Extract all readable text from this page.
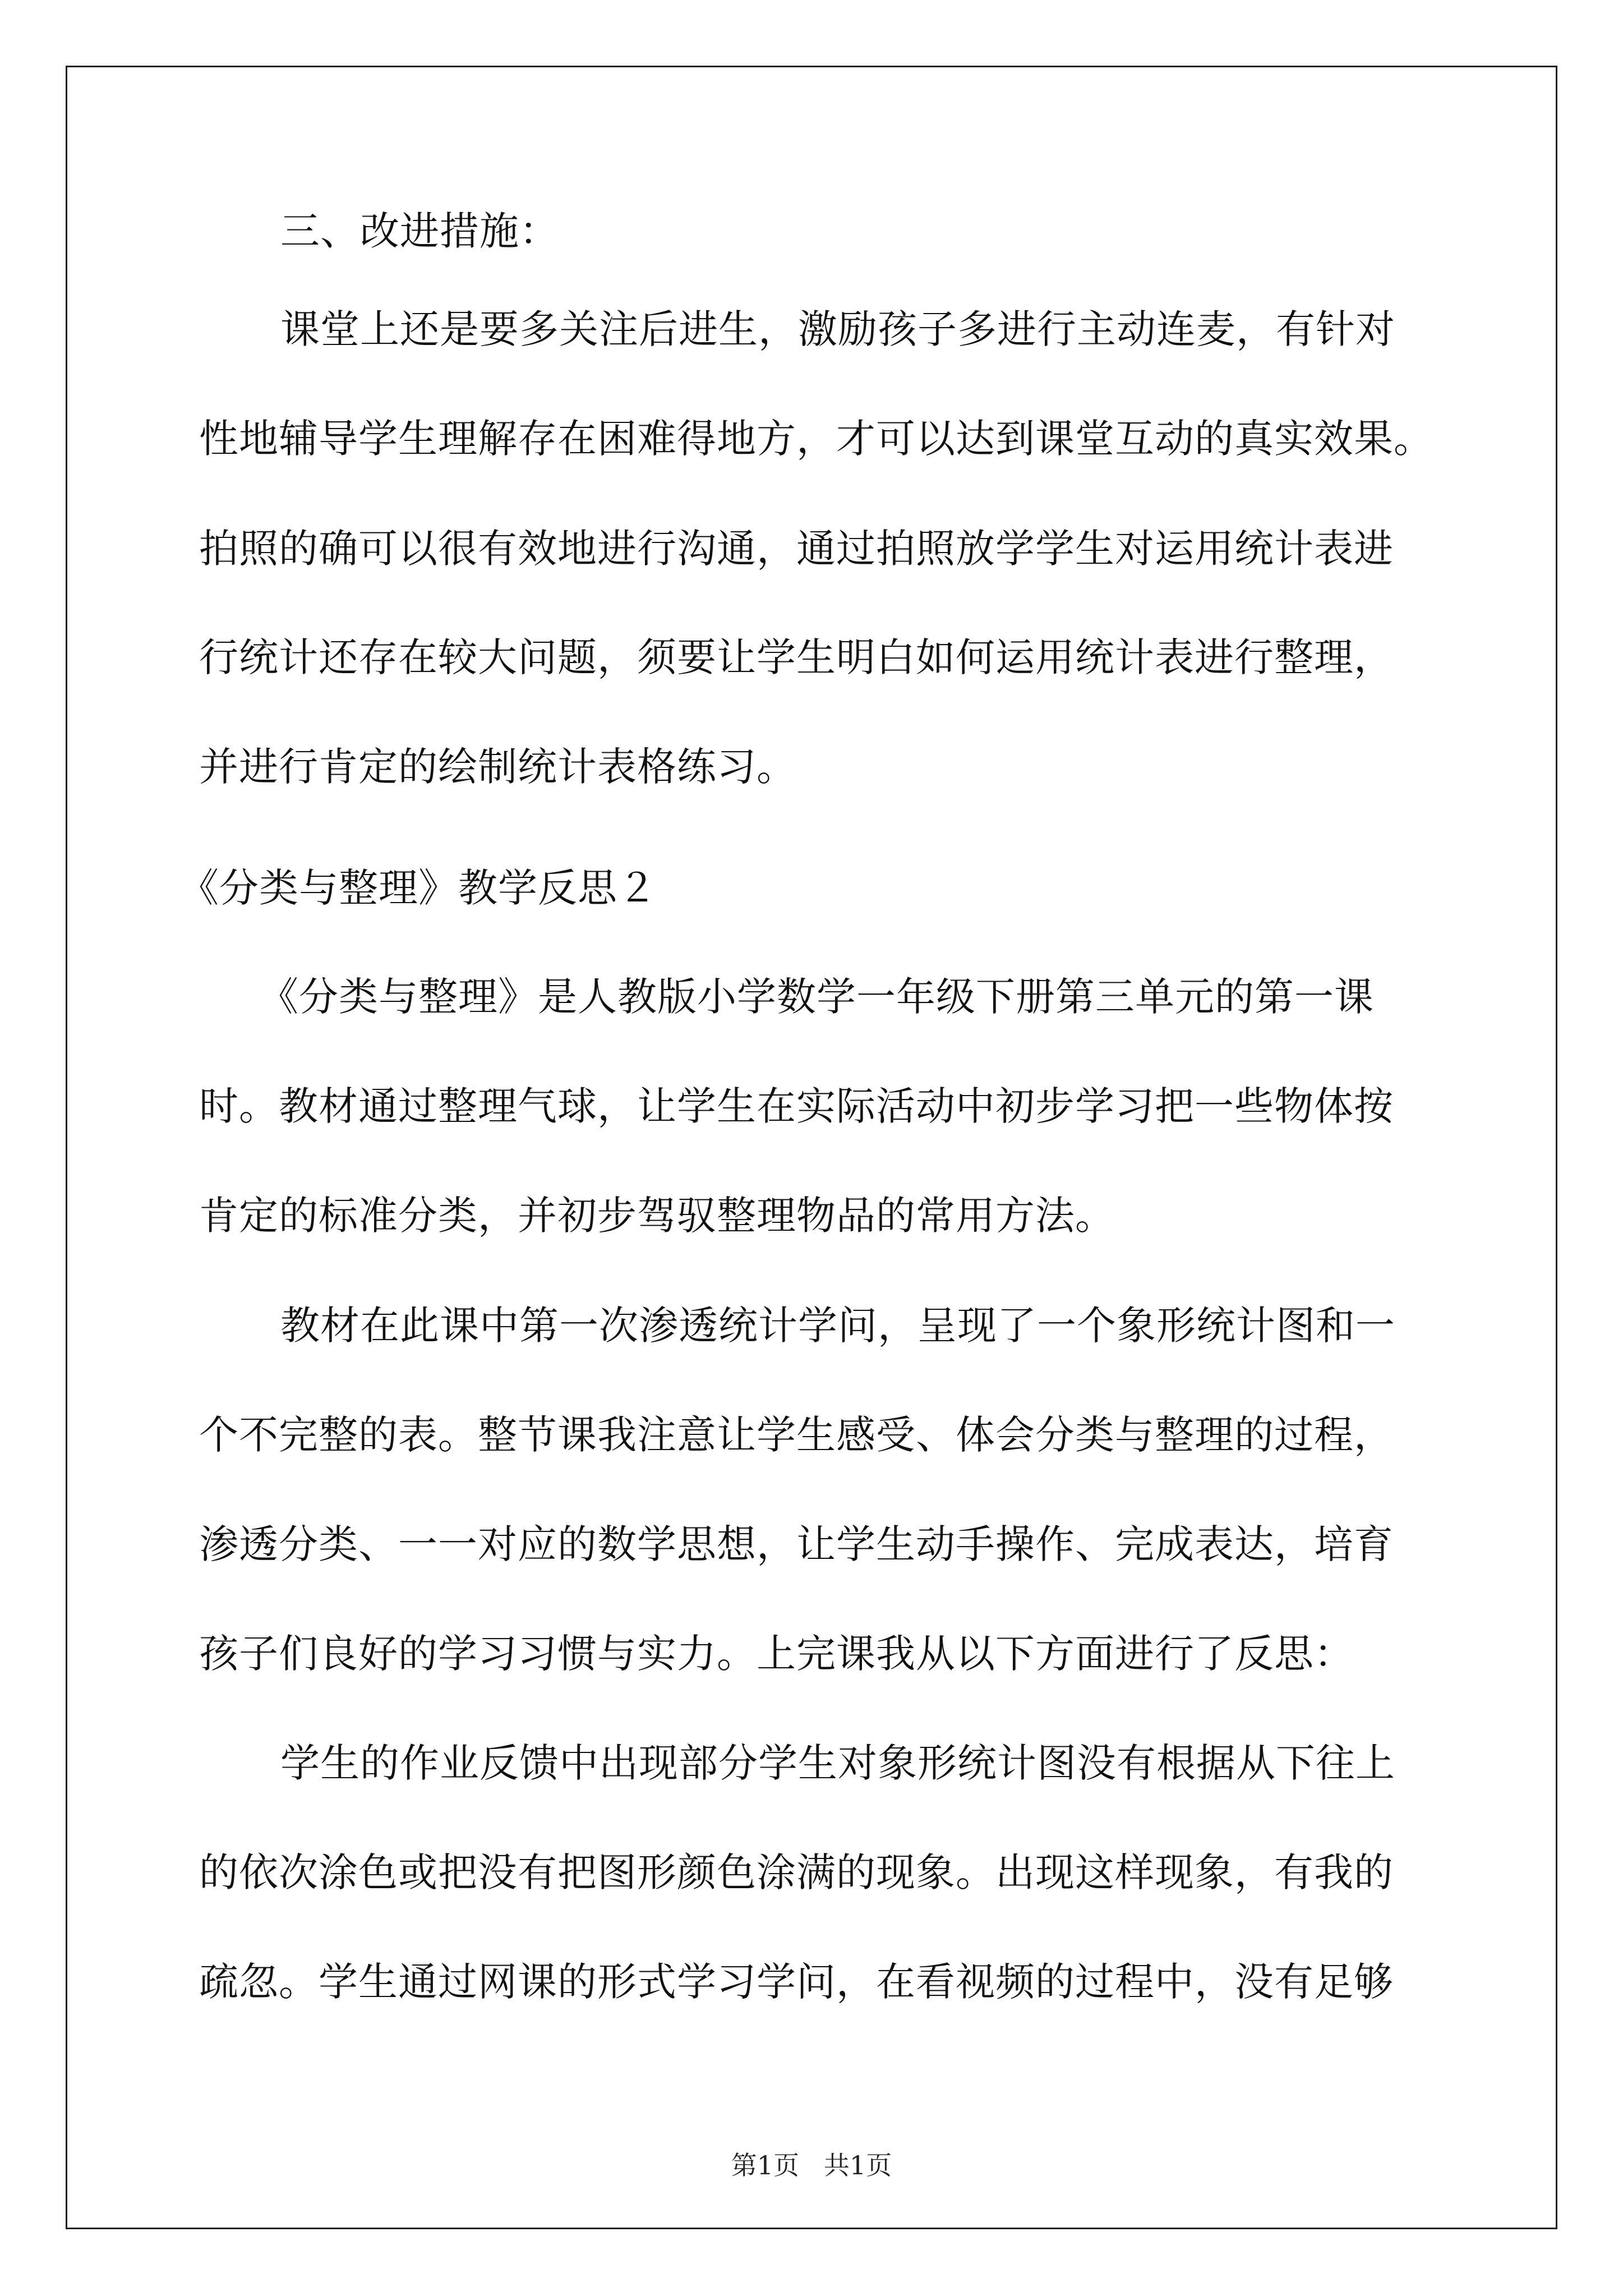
三、改进措施：
课堂上还是要多关注后进生，激励孩子多进行主动连麦，有针对
性地辅导学生理解存在困难得地方，才可以达到课堂互动的真实效果。
拍照的确可以很有效地进行沟通，通过拍照放学学生对运用统计表进
行统计还存在较大问题，须要让学生明白如何运用统计表进行整理，
并进行肯定的绘制统计表格练习。
《分类与整理》教学反思２
《分类与整理》是人教版小学数学一年级下册第三单元的第一课
时。教材通过整理气球，让学生在实际活动中初步学习把一些物体按
肯定的标准分类，并初步驾驭整理物品的常用方法。
教材在此课中第一次渗透统计学问，呈现了一个象形统计图和一
个不完整的表。整节课我注意让学生感受、体会分类与整理的过程，
渗透分类、一一对应的数学思想，让学生动手操作、完成表达，培育
孩子们良好的学习习惯与实力。上完课我从以下方面进行了反思：
学生的作业反馈中出现部分学生对象形统计图没有根据从下往上
的依次涂色或把没有把图形颜色涂满的现象。出现这样现象，有我的
疏忽。学生通过网课的形式学习学问，在看视频的过程中，没有足够
第1页   共1页
